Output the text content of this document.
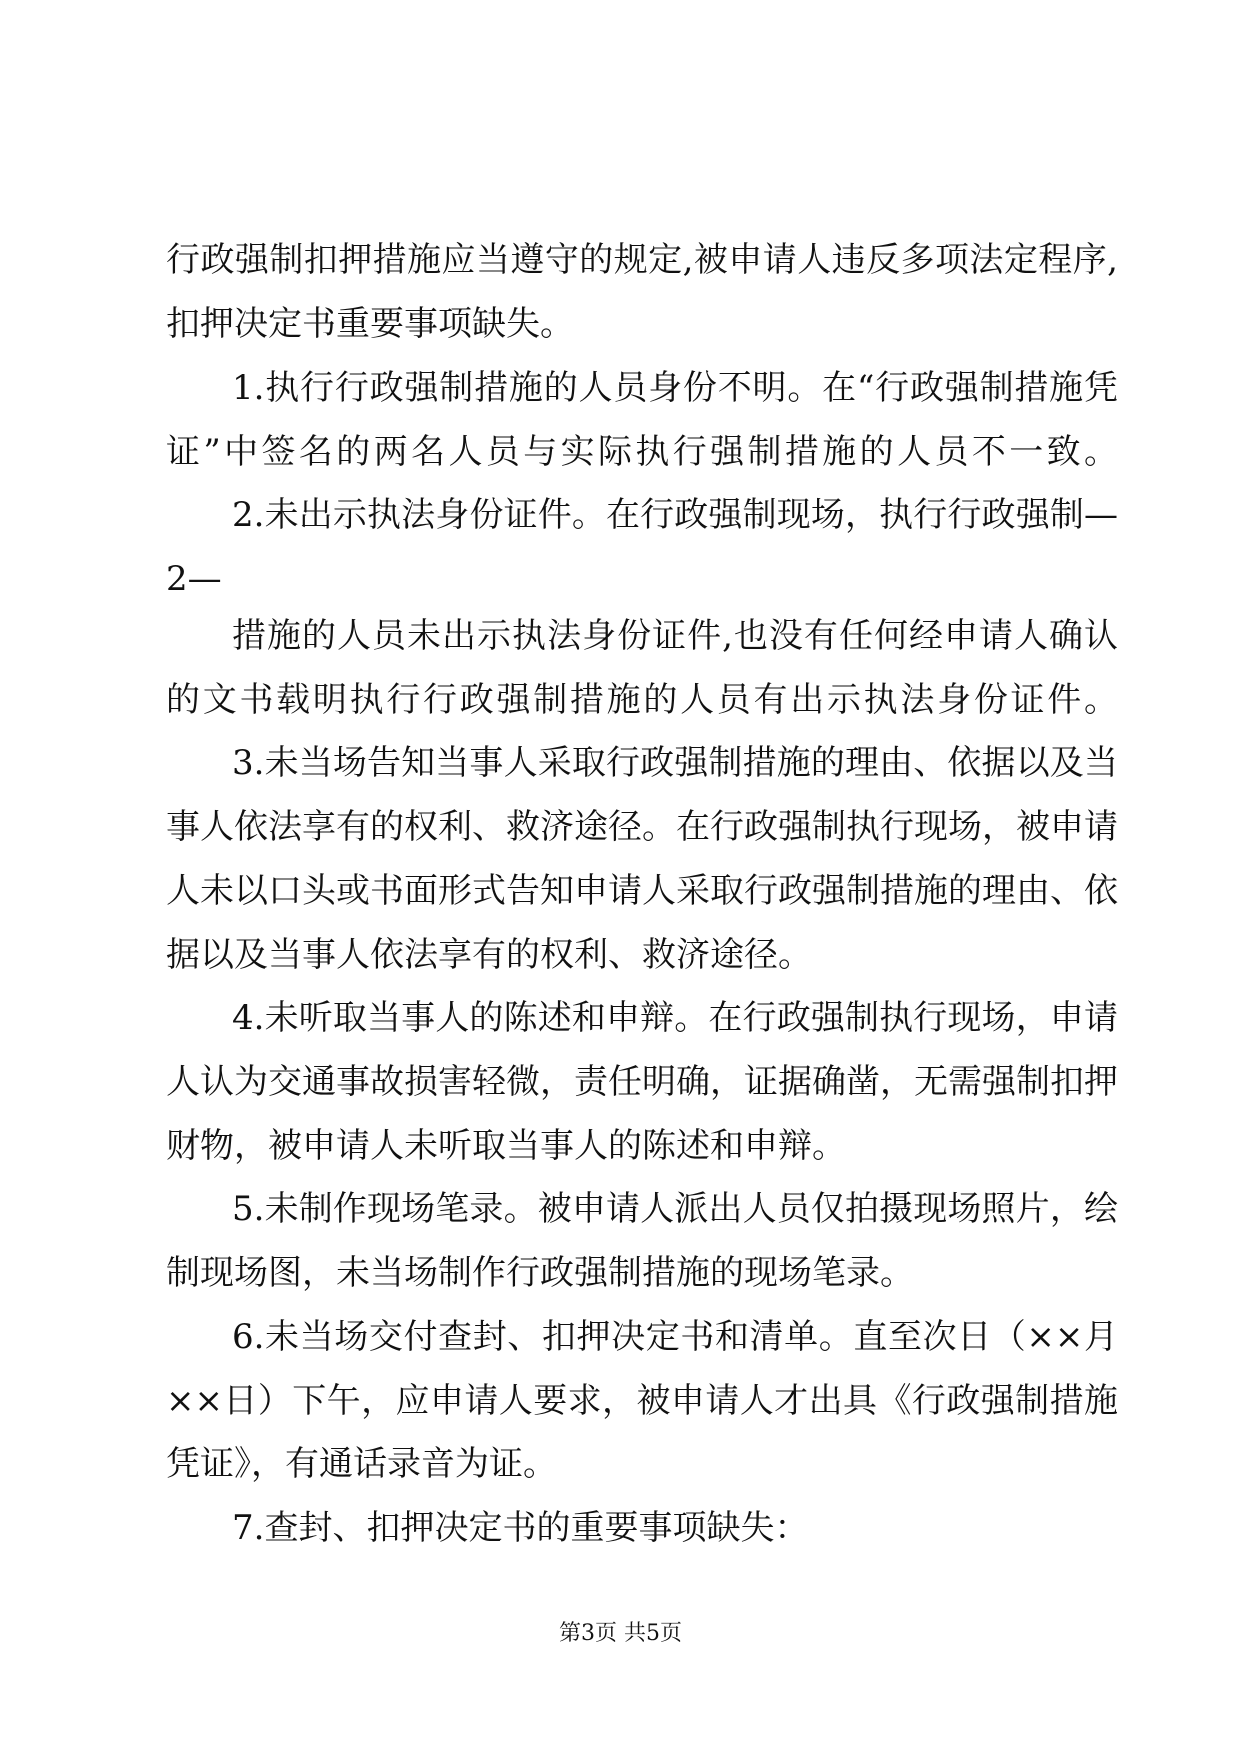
行政强制扣押措施应当遵守的规定,被申请人违反多项法定程序,
扣押决定书重要事项缺失。
1.执行行政强制措施的人员身份不明。在“行政强制措施凭
证”中签名的两名人员与实际执行强制措施的人员不一致。
2.未出示执法身份证件。在行政强制现场，执行行政强制—
2—
措施的人员未出示执法身份证件,也没有任何经申请人确认
的文书载明执行行政强制措施的人员有出示执法身份证件。
3.未当场告知当事人采取行政强制措施的理由、依据以及当
事人依法享有的权利、救济途径。在行政强制执行现场，被申请
人未以口头或书面形式告知申请人采取行政强制措施的理由、依
据以及当事人依法享有的权利、救济途径。
4.未听取当事人的陈述和申辩。在行政强制执行现场，申请
人认为交通事故损害轻微，责任明确，证据确凿，无需强制扣押
财物，被申请人未听取当事人的陈述和申辩。
5.未制作现场笔录。被申请人派出人员仅拍摄现场照片，绘
制现场图，未当场制作行政强制措施的现场笔录。
6.未当场交付查封、扣押决定书和清单。直至次日（××月
××日）下午，应申请人要求，被申请人才出具《行政强制措施
凭证》，有通话录音为证。
7.查封、扣押决定书的重要事项缺失：
第3页 共5页
